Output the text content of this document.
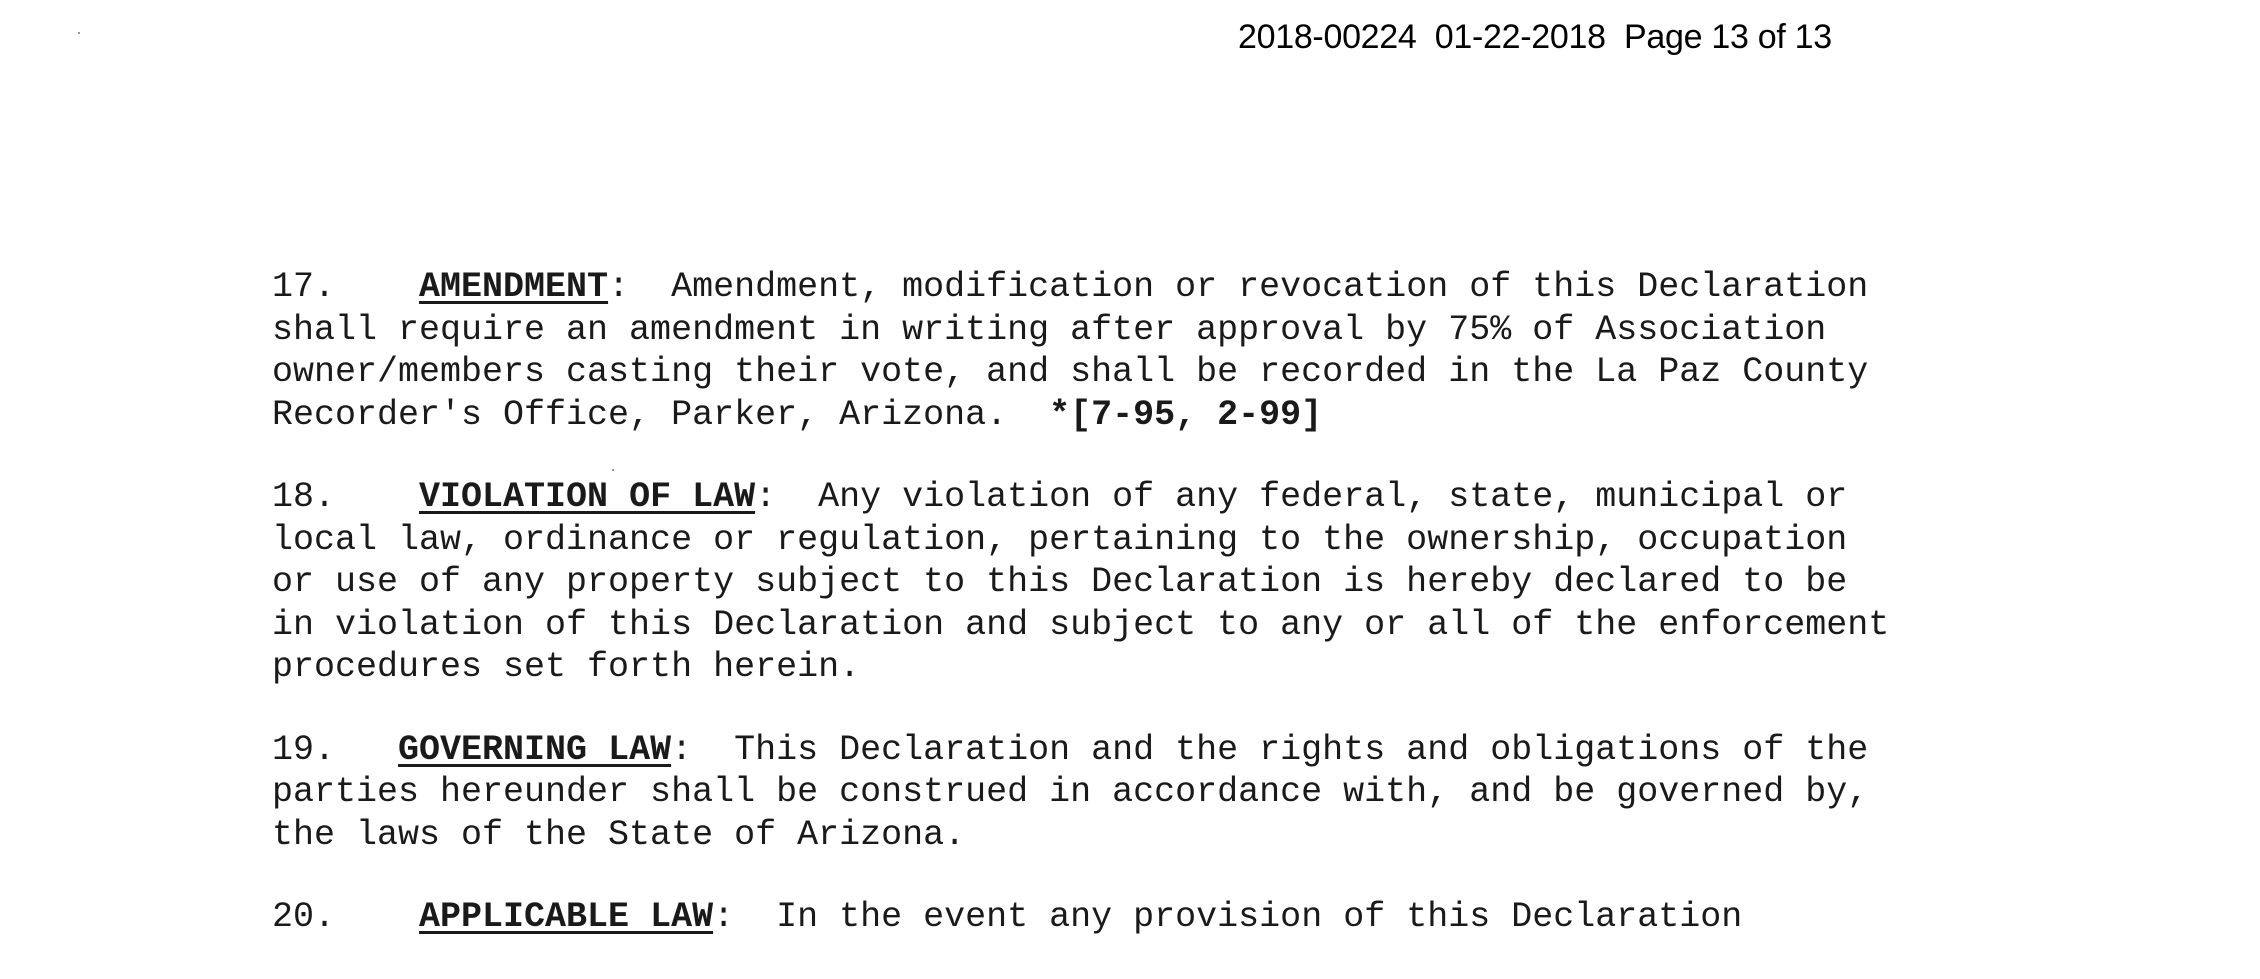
2018-00224  01-22-2018  Page 13 of 13
17. AMENDMENT:  Amendment, modification or revocation of this Declaration
shall require an amendment in writing after approval by 75% of Association
owner/members casting their vote, and shall be recorded in the La Paz County
Recorder's Office, Parker, Arizona.  *[7-95, 2-99]
18. VIOLATION OF LAW:  Any violation of any federal, state, municipal or
local law, ordinance or regulation, pertaining to the ownership, occupation
or use of any property subject to this Declaration is hereby declared to be
in violation of this Declaration and subject to any or all of the enforcement
procedures set forth herein.
19. GOVERNING LAW:  This Declaration and the rights and obligations of the
parties hereunder shall be construed in accordance with, and be governed by,
the laws of the State of Arizona.
20. APPLICABLE LAW:  In the event any provision of this Declaration
